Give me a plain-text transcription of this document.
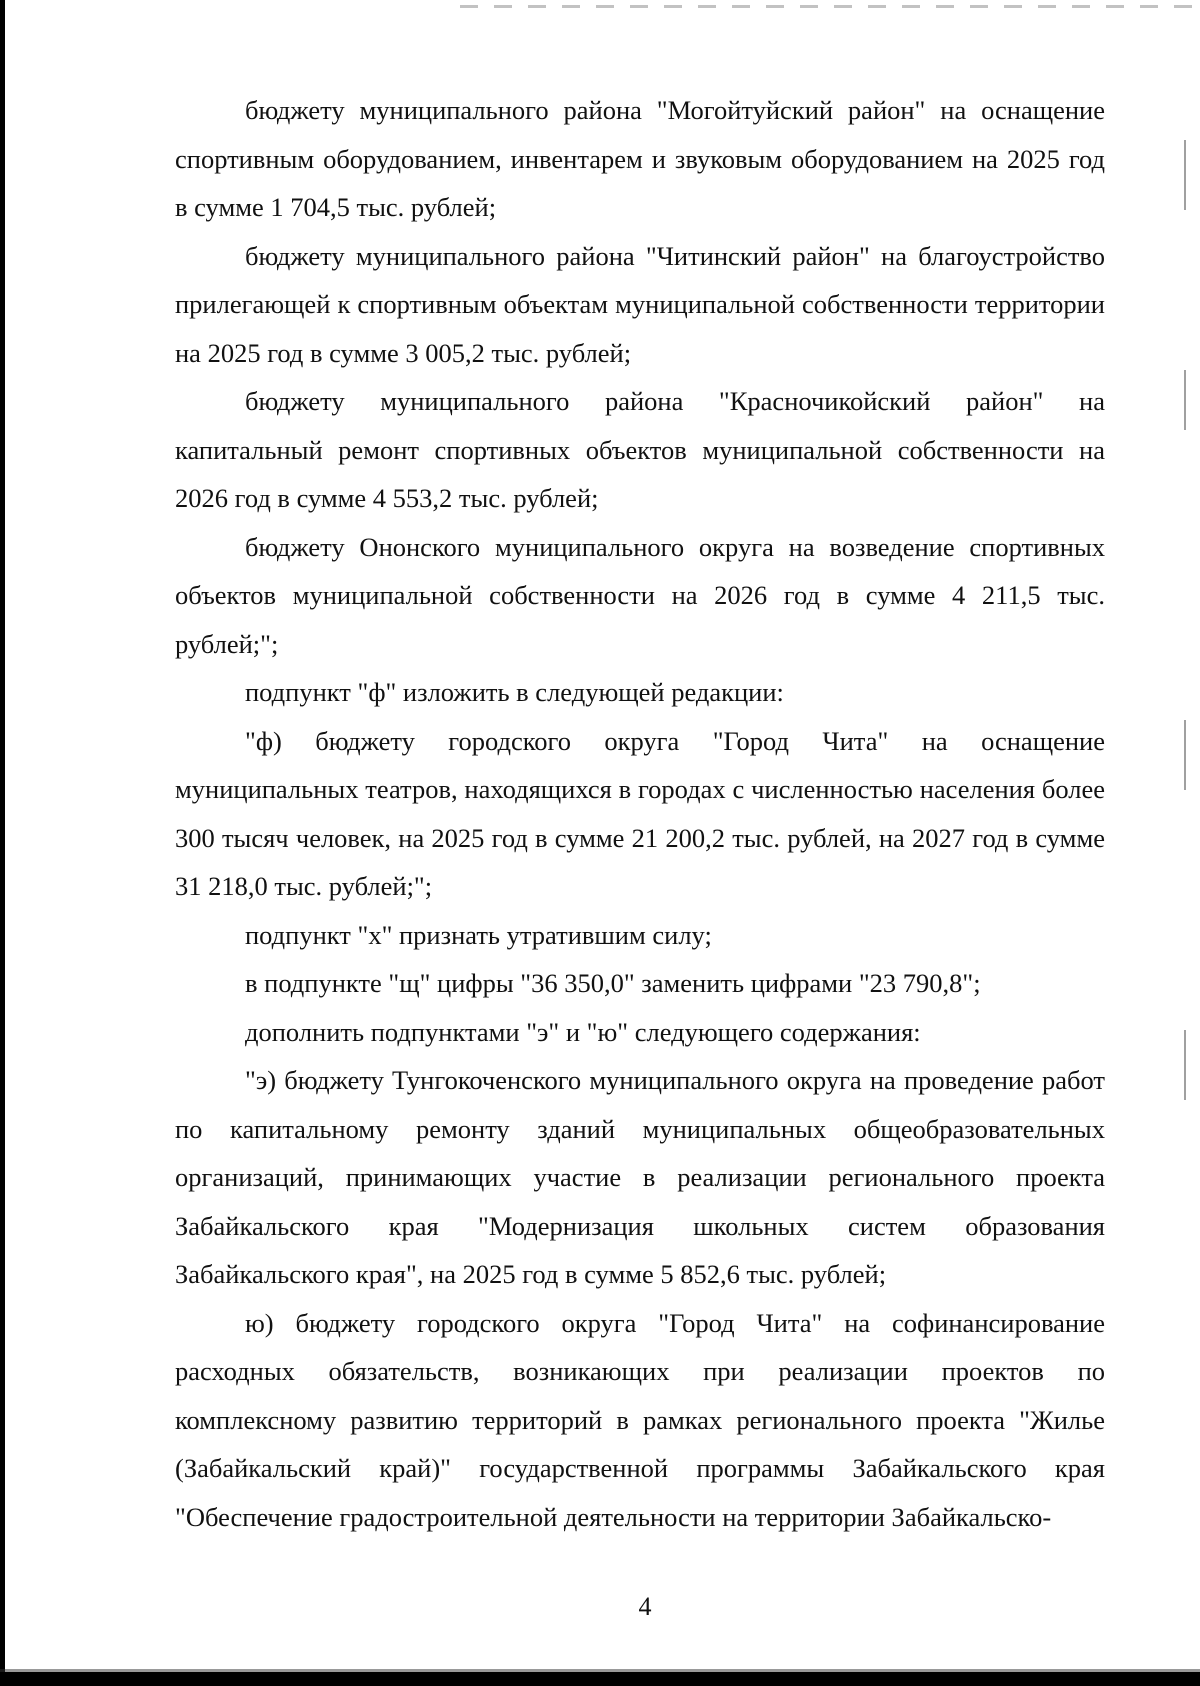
бюджету муниципального района "Могойтуйский район" на оснащение спортивным оборудованием, инвентарем и звуковым оборудованием на 2025 год в сумме 1 704,5 тыс. рублей;

бюджету муниципального района "Читинский район" на благоустройство прилегающей к спортивным объектам муниципальной собственности территории на 2025 год в сумме 3 005,2 тыс. рублей;

бюджету муниципального района "Красночикойский район" на капитальный ремонт спортивных объектов муниципальной собственности на 2026 год в сумме 4 553,2 тыс. рублей;

бюджету Ононского муниципального округа на возведение спортивных объектов муниципальной собственности на 2026 год в сумме 4 211,5 тыс. рублей;";

подпункт "ф" изложить в следующей редакции:

"ф) бюджету городского округа "Город Чита" на оснащение муниципальных театров, находящихся в городах с численностью населения более 300 тысяч человек, на 2025 год в сумме 21 200,2 тыс. рублей, на 2027 год в сумме 31 218,0 тыс. рублей;";

подпункт "х" признать утратившим силу;

в подпункте "щ" цифры "36 350,0" заменить цифрами "23 790,8";

дополнить подпунктами "э" и "ю" следующего содержания:

"э) бюджету Тунгокоченского муниципального округа на проведение работ по капитальному ремонту зданий муниципальных общеобразовательных организаций, принимающих участие в реализации регионального проекта Забайкальского края "Модернизация школьных систем образования Забайкальского края", на 2025 год в сумме 5 852,6 тыс. рублей;

ю) бюджету городского округа "Город Чита" на софинансирование расходных обязательств, возникающих при реализации проектов по комплексному развитию территорий в рамках регионального проекта "Жилье (Забайкальский край)" государственной программы Забайкальского края "Обеспечение градостроительной деятельности на территории Забайкальско-

4
